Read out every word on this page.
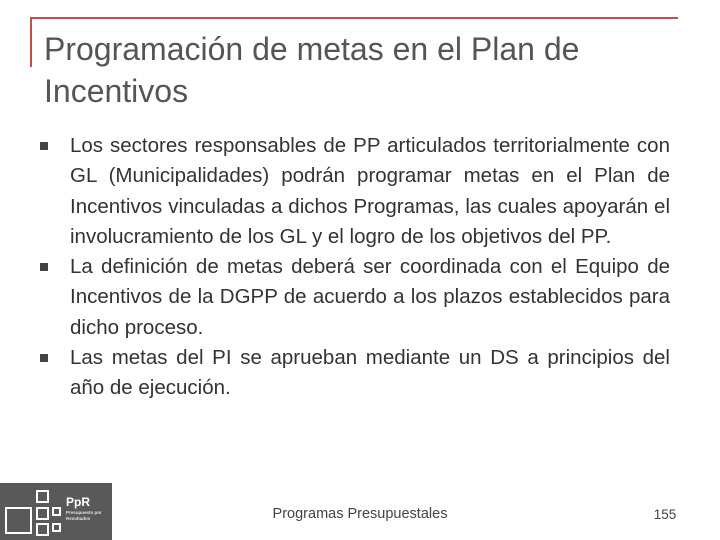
Programación de metas en el Plan de Incentivos
Los sectores responsables de PP articulados territorialmente con GL (Municipalidades) podrán programar metas en el Plan de Incentivos vinculadas a dichos Programas, las cuales apoyarán el involucramiento de los GL y el logro de los objetivos del PP.
La definición de metas deberá ser coordinada con el Equipo de Incentivos de la DGPP de acuerdo a los plazos establecidos para dicho proceso.
Las metas del PI se aprueban mediante un DS a principios del año de ejecución.
PpR
Presupuesto por Resultados	Programas Presupuestales	155
